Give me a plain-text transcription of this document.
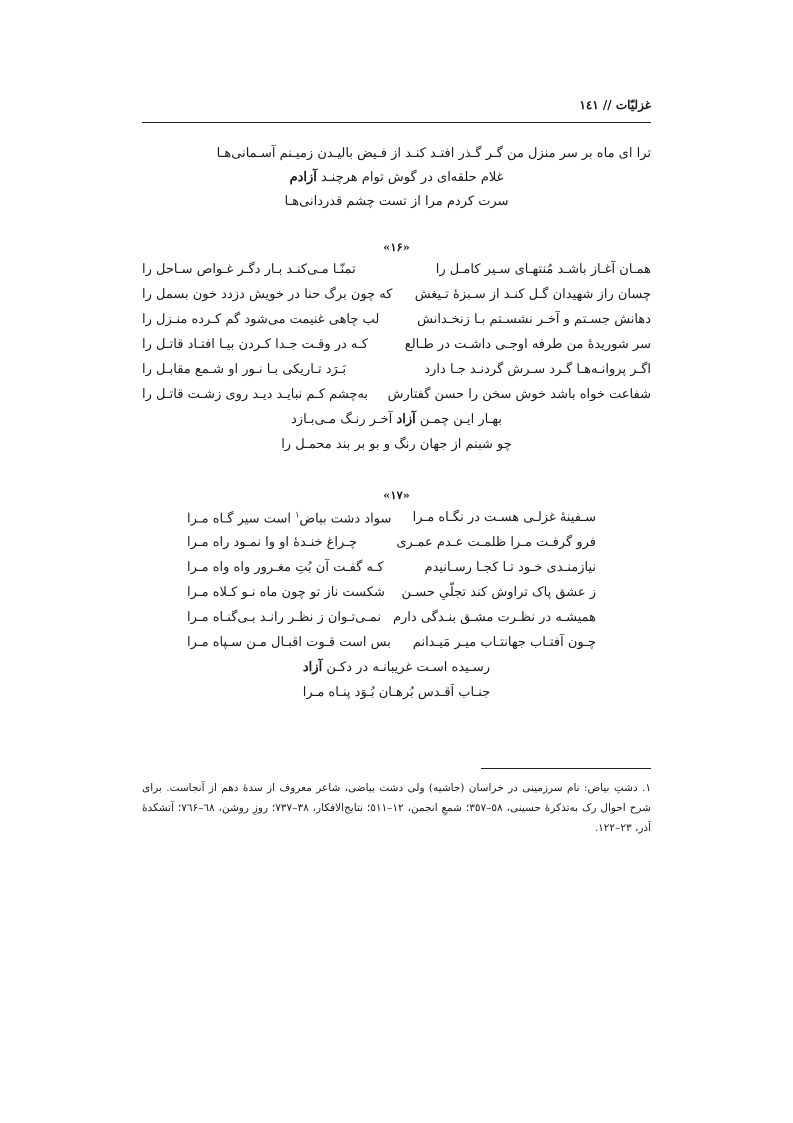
غزلیّات // ١٤١
ترا ای ماه بر سر منزل من گـر گـذر افتـد کنـد از فـیض بالیـدن زمیـنم آسـمانی‌هـا
غلام حلقه‌ای در گوش توام هرچنـد آزادم
سرت کردم مرا از تست چشم قدردانی‌هـا
«۱۶»
همـان آغـاز باشـد مُنتهـای سـیر کامـل را
تمنّـا مـی‌کنـد بـار دگـر غـواص سـاحل را
چسان راز شهیدان گـل کنـد از سـبزهٔ تـیغش
که چون برگ حنا در خویش دزدد خون بسمل را
دهانش جسـتم و آخـر نشسـتم بـا زنخـدانش
لب چاهی غنیمت می‌شود گم کـرده منـزل را
سر شوریدهٔ من طرفه اوجـی داشـت در طـالع
کـه در وقـت جـدا کـردن بیـا افتـاد قاتـل را
اگـر پروانـه‌هـا گـرد سـرش گردنـد جـا دارد
بَـرَد تـاریکی بـا نـور او شـمع مقابـل را
شفاعت خواه باشد خوش سخن را حسن گفتارش
به‌چشم کـم نبایـد دیـد روی زشـت قاتـل را
بهـار ایـن چمـن آزاد آخـر رنـگ مـی‌بـازد
چو شبنم از جهان رنگ و بو بر بند محمـل را
«۱۷»
سـفینهٔ غزلـی هسـت در نگـاه مـرا
سواد دشت بیاض$^١$ است سیر گـاه مـرا
فرو گرفـت مـرا ظلمـت عـدم عمـری
چـراغ خنـدهٔ او وا نمـود راه مـرا
نیازمنـدی خـود تـا کجـا رسـانیدم
کـه گفـت آن بُتِ مغـرور واه واه مـرا
ز عشق پاک تراوش کند تجلّیِ حسـن
شکست ناز تو چون ماه نـو کـلاه مـرا
همیشـه در نظـرت مشـق بنـدگی دارم
نمـی‌تـوان ز نظـر رانـد بـی‌گنـاه مـرا
چـون آفتـاب جهانتـاب میـر مَیـدانم
بس است قـوت اقبـال مـن سـپاه مـرا
رسـیده اسـت غریبانـه در دکـن آزاد
جنـاب اَقـدس بُرهـان بُـوَد پنـاه مـرا
١. دشتِ بیاض: نام سرزمینی در خراسان (حاشیه) ولی دشت بیاضی، شاعر معروف از سدهٔ دهم از آنجاست. برای شرح احوال رک به‌تذکرهٔ حسینی، ٥٨–٣٥٧؛ شمعِ انجمن، ١٢–٥١١؛ نتایج‌الافکار، ٣٨–٧٣٧؛ روزِ روشن، ٦٨–٧٦۶؛ آتشکدهٔ آذر، ٢٣–١٢٢.
